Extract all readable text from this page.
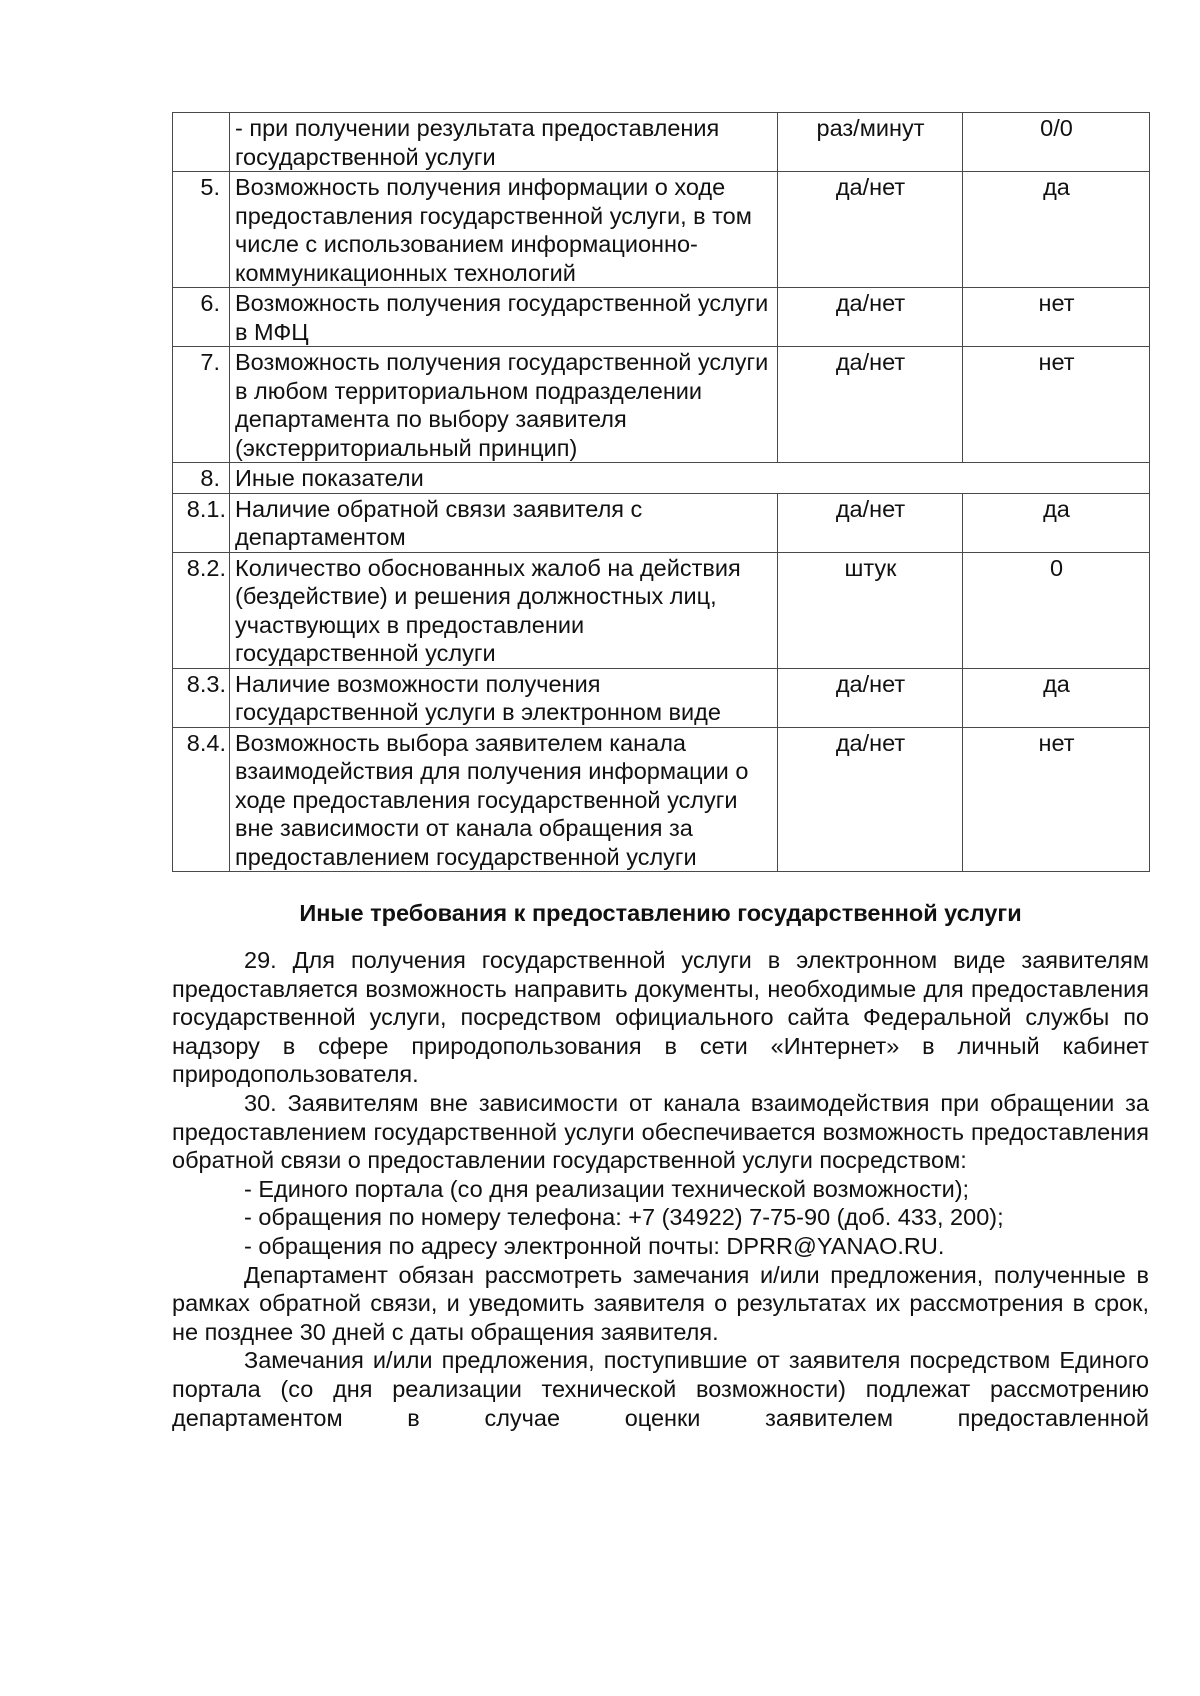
	- при получении результата предоставления государственной услуги	раз/минут	0/0
5.	Возможность получения информации о ходе предоставления государственной услуги, в том числе с использованием информационно-коммуникационных технологий	да/нет	да
6.	Возможность получения государственной услуги в МФЦ	да/нет	нет
7.	Возможность получения государственной услуги в любом территориальном подразделении департамента по выбору заявителя (экстерриториальный принцип)	да/нет	нет
8.	Иные показатели		
8.1.	Наличие обратной связи заявителя с департаментом	да/нет	да
8.2.	Количество обоснованных жалоб на действия (бездействие) и решения должностных лиц, участвующих в предоставлении государственной услуги	штук	0
8.3.	Наличие возможности получения государственной услуги в электронном виде	да/нет	да
8.4.	Возможность выбора заявителем канала взаимодействия для получения информации о ходе предоставления государственной услуги вне зависимости от канала обращения за предоставлением государственной услуги	да/нет	нет
Иные требования к предоставлению государственной услуги

29. Для получения государственной услуги в электронном виде заявителям предоставляется возможность направить документы, необходимые для предоставления государственной услуги, посредством официального сайта Федеральной службы по надзору в сфере природопользования в сети «Интернет» в личный кабинет природопользователя.

30. Заявителям вне зависимости от канала взаимодействия при обращении за предоставлением государственной услуги обеспечивается возможность предоставления обратной связи о предоставлении государственной услуги посредством:

- Единого портала (со дня реализации технической возможности);

- обращения по номеру телефона: +7 (34922) 7-75-90 (доб. 433, 200);

- обращения по адресу электронной почты: DPRR@YANAO.RU.

Департамент обязан рассмотреть замечания и/или предложения, полученные в рамках обратной связи, и уведомить заявителя о результатах их рассмотрения в срок, не позднее 30 дней с даты обращения заявителя.

Замечания и/или предложения, поступившие от заявителя посредством Единого портала (со дня реализации технической возможности) подлежат рассмотрению департаментом в случае оценки заявителем предоставленной
